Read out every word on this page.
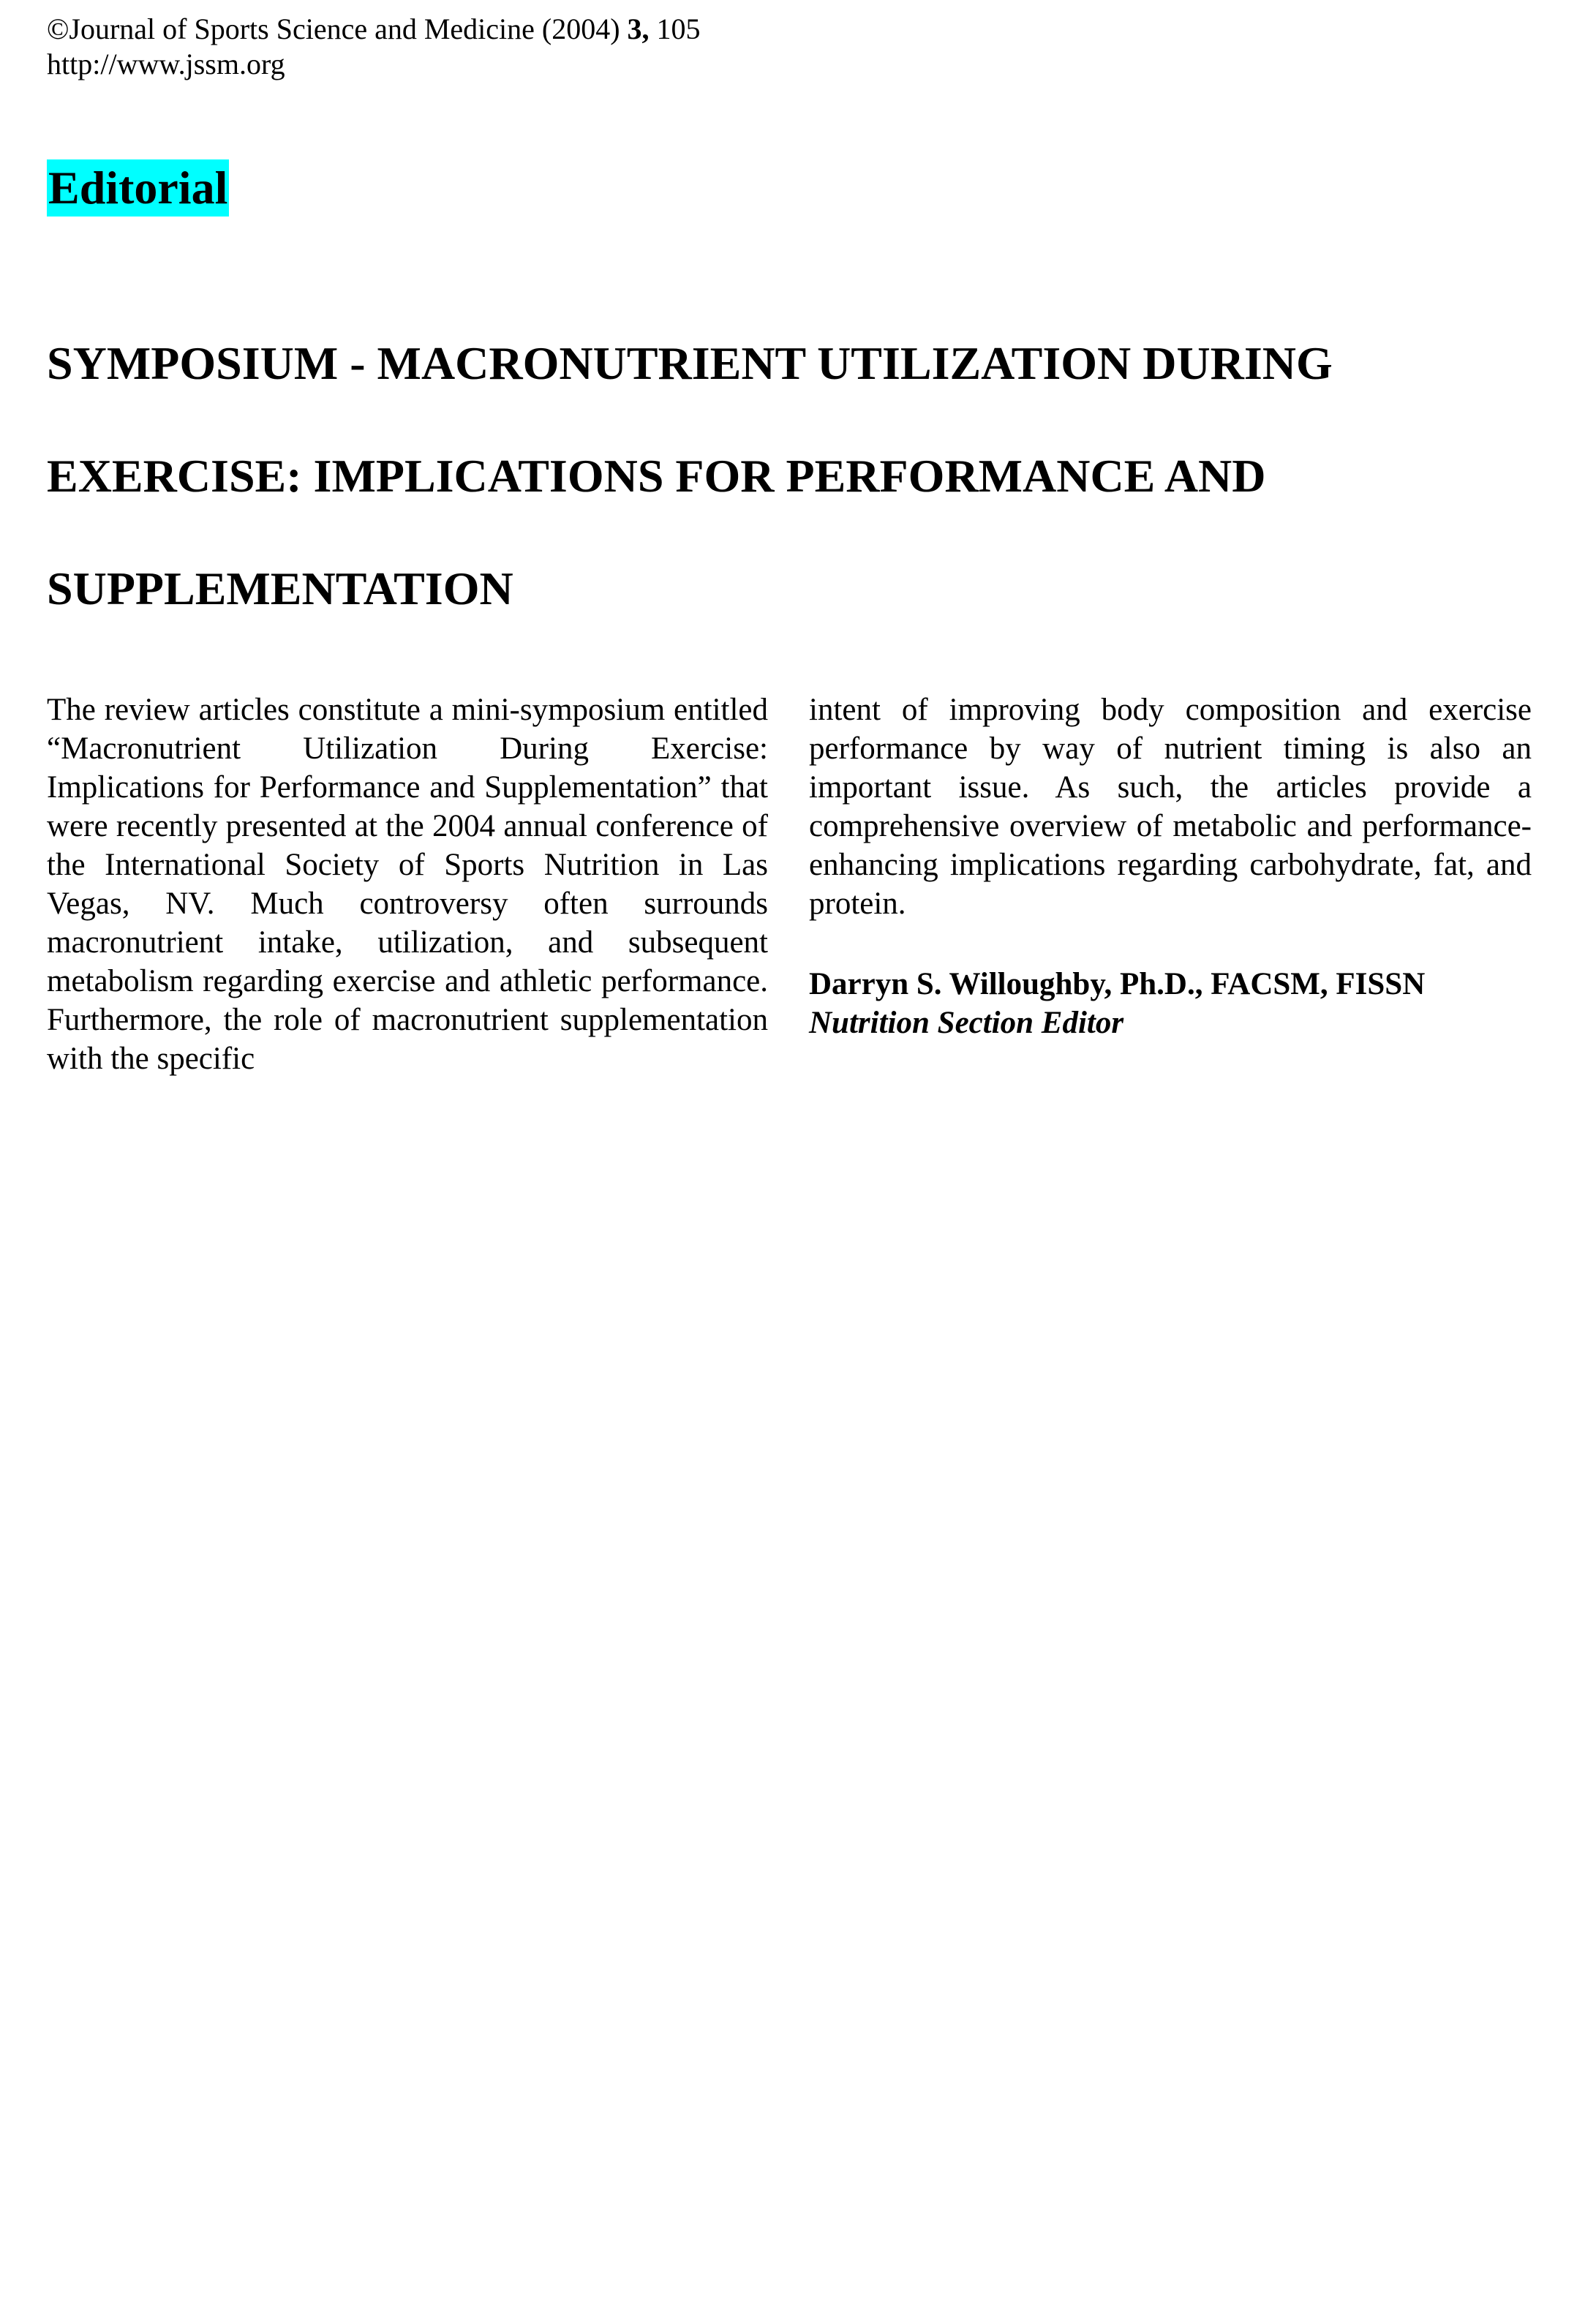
©Journal of Sports Science and Medicine (2004) 3, 105
http://www.jssm.org
Editorial
SYMPOSIUM - MACRONUTRIENT UTILIZATION DURING
EXERCISE: IMPLICATIONS FOR PERFORMANCE AND
SUPPLEMENTATION

The review articles constitute a mini-symposium entitled “Macronutrient Utilization During Exercise: Implications for Performance and Supplementation” that were recently presented at the 2004 annual conference of the International Society of Sports Nutrition in Las Vegas, NV. Much controversy often surrounds macronutrient intake, utilization, and subsequent metabolism regarding exercise and athletic performance. Furthermore, the role of macronutrient supplementation with the specific

intent of improving body composition and exercise performance by way of nutrient timing is also an important issue. As such, the articles provide a comprehensive overview of metabolic and performance-enhancing implications regarding carbohydrate, fat, and protein.

Darryn S. Willoughby, Ph.D., FACSM, FISSN
Nutrition Section Editor
